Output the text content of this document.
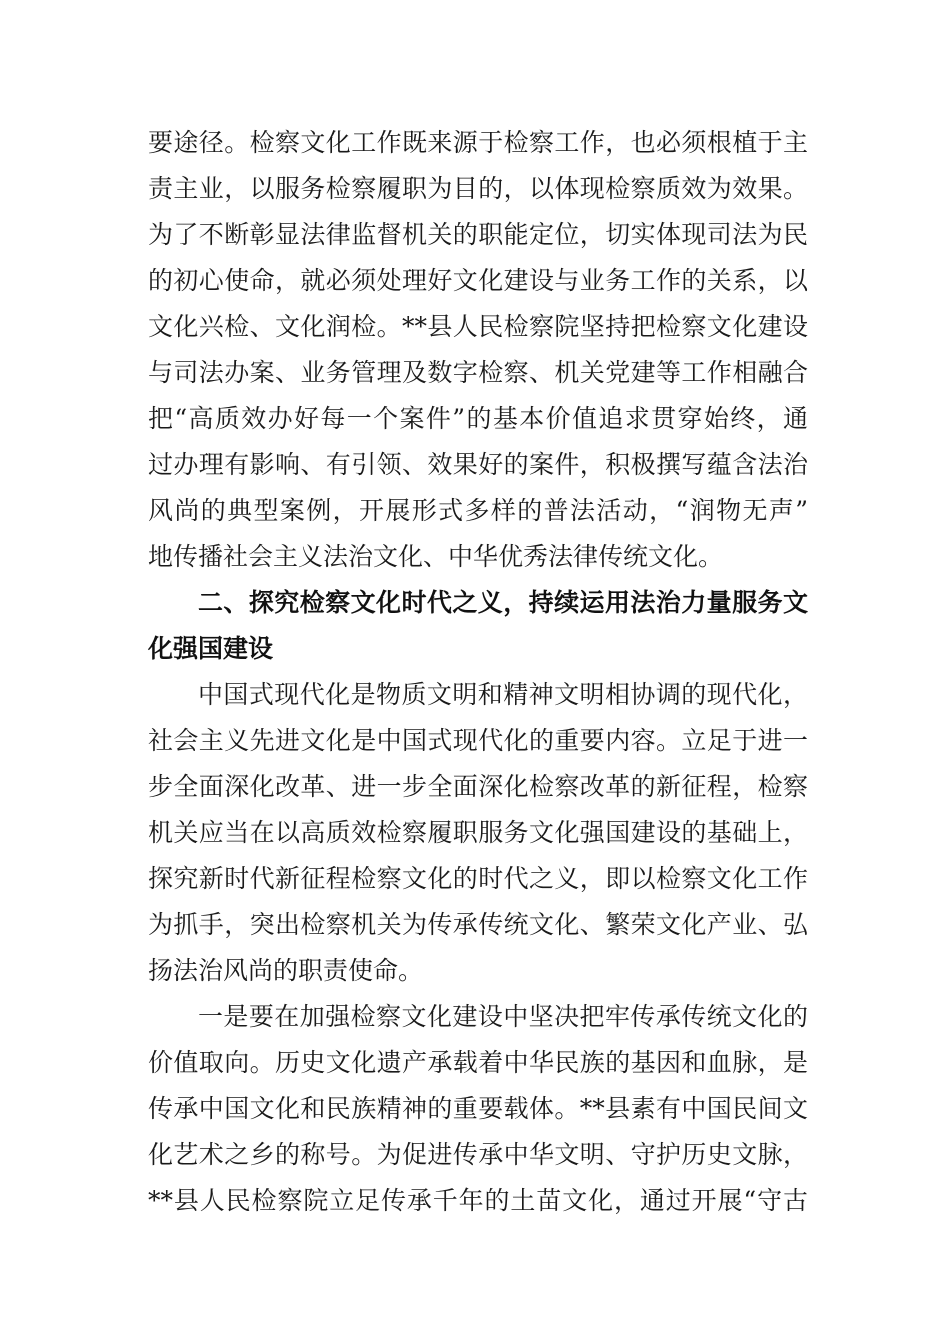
要途径。检察文化工作既来源于检察工作，也必须根植于主
责主业，以服务检察履职为目的，以体现检察质效为效果。
为了不断彰显法律监督机关的职能定位，切实体现司法为民
的初心使命，就必须处理好文化建设与业务工作的关系，以
文化兴检、文化润检。**县人民检察院坚持把检察文化建设
与司法办案、业务管理及数字检察、机关党建等工作相融合
把“高质效办好每一个案件”的基本价值追求贯穿始终，通
过办理有影响、有引领、效果好的案件，积极撰写蕴含法治
风尚的典型案例，开展形式多样的普法活动，“润物无声”
地传播社会主义法治文化、中华优秀法律传统文化。
二、探究检察文化时代之义，持续运用法治力量服务文
化强国建设
中国式现代化是物质文明和精神文明相协调的现代化，
社会主义先进文化是中国式现代化的重要内容。立足于进一
步全面深化改革、进一步全面深化检察改革的新征程，检察
机关应当在以高质效检察履职服务文化强国建设的基础上，
探究新时代新征程检察文化的时代之义，即以检察文化工作
为抓手，突出检察机关为传承传统文化、繁荣文化产业、弘
扬法治风尚的职责使命。
一是要在加强检察文化建设中坚决把牢传承传统文化的
价值取向。历史文化遗产承载着中华民族的基因和血脉，是
传承中国文化和民族精神的重要载体。**县素有中国民间文
化艺术之乡的称号。为促进传承中华文明、守护历史文脉，
**县人民检察院立足传承千年的土苗文化，通过开展“守古
